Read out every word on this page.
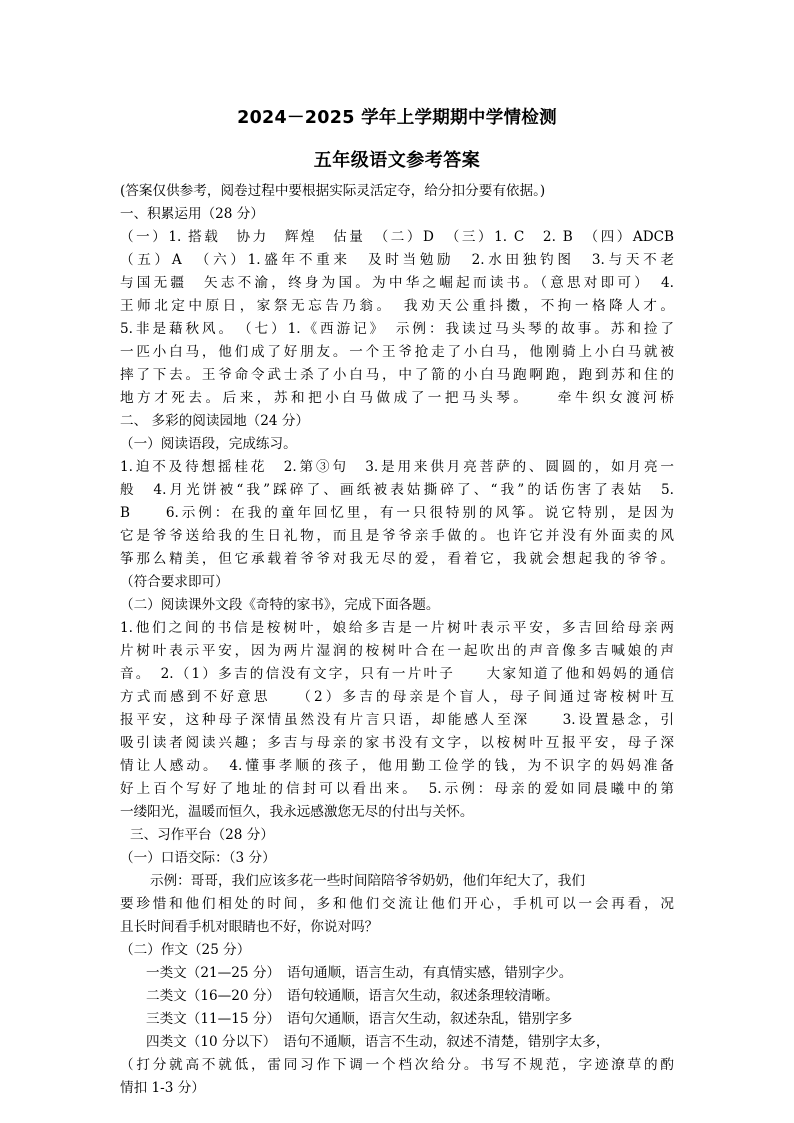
2024－2025 学年上学期期中学情检测
五年级语文参考答案
(答案仅供参考，阅卷过程中要根据实际灵活定夺，给分扣分要有依据。)
一、积累运用（28 分）
（一）1. 搭载　协力　辉煌　估量　（二）D　（三）1. C　2. B　（四）ADCB
（五）A　（六）1.盛年不重来　及时当勉励　2.水田独钓图　3.与天不老
与国无疆　矢志不渝，终身为国。为中华之崛起而读书。（意思对即可）　4.
王师北定中原日，家祭无忘告乃翁。　我劝天公重抖擞，不拘一格降人才。
5.非是藉秋风。　（七）1.《西游记》　示例：我读过马头琴的故事。苏和捡了
一匹小白马，他们成了好朋友。一个王爷抢走了小白马，他刚骑上小白马就被
摔了下去。王爷命令武士杀了小白马，中了箭的小白马跑啊跑，跑到苏和住的
地方才死去。后来，苏和把小白马做成了一把马头琴。　　牵牛织女渡河桥
二、 多彩的阅读园地（24 分）
（一）阅读语段，完成练习。
1.迫不及待想摇桂花　2.第③句　3.是用来供月亮菩萨的、圆圆的，如月亮一
般　4.月光饼被“我”踩碎了、画纸被表姑撕碎了、“我”的话伤害了表姑　5.
B　　6.示例：在我的童年回忆里，有一只很特别的风筝。说它特别，是因为
它是爷爷送给我的生日礼物，而且是爷爷亲手做的。也许它并没有外面卖的风
筝那么精美，但它承载着爷爷对我无尽的爱，看着它，我就会想起我的爷爷。
（符合要求即可）
（二）阅读课外文段《奇特的家书》，完成下面各题。
1.他们之间的书信是桉树叶，娘给多吉是一片树叶表示平安，多吉回给母亲两
片树叶表示平安，因为两片湿润的桉树叶合在一起吹出的声音像多吉喊娘的声
音。　2.（1）多吉的信没有文字，只有一片叶子　　大家知道了他和妈妈的通信
方式而感到不好意思　　（2）多吉的母亲是个盲人，母子间通过寄桉树叶互
报平安，这种母子深情虽然没有片言只语，却能感人至深　　3.设置悬念，引
吸引读者阅读兴趣；多吉与母亲的家书没有文字，以桉树叶互报平安，母子深
情让人感动。　4.懂事孝顺的孩子，他用勤工俭学的钱，为不识字的妈妈准备
好上百个写好了地址的信封可以看出来。　5.示例：母亲的爱如同晨曦中的第
一缕阳光，温暖而恒久，我永远感激您无尽的付出与关怀。
三、习作平台（28 分）
（一）口语交际：（3 分）
示例：哥哥，我们应该多花一些时间陪陪爷爷奶奶，他们年纪大了，我们
要珍惜和他们相处的时间，多和他们交流让他们开心，手机可以一会再看，况
且长时间看手机对眼睛也不好，你说对吗？
（二）作文（25 分）
一类文（21—25 分）　语句通顺，语言生动，有真情实感，错别字少。
二类文（16—20 分）　语句较通顺，语言欠生动，叙述条理较清晰。
三类文（11—15 分）　语句欠通顺，语言欠生动，叙述杂乱，错别字多
四类文（10 分以下）　语句不通顺，语言不生动，叙述不清楚，错别字太多，
（打分就高不就低，雷同习作下调一个档次给分。书写不规范，字迹潦草的酌
情扣 1-3 分）
